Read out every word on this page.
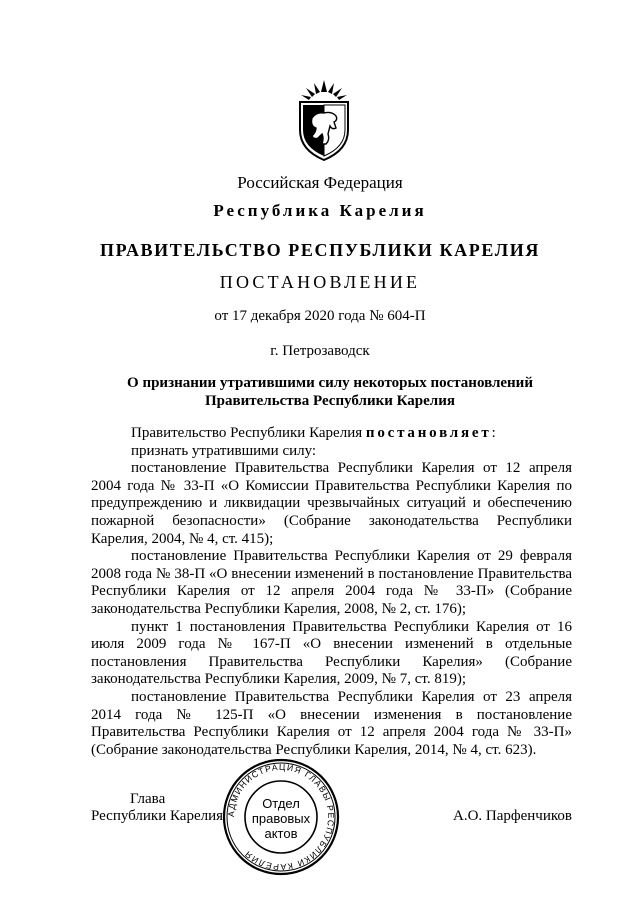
Российская Федерация
Республика Карелия
ПРАВИТЕЛЬСТВО РЕСПУБЛИКИ КАРЕЛИЯ
ПОСТАНОВЛЕНИЕ
от 17 декабря 2020 года № 604-П
г. Петрозаводск
О признании утратившими силу некоторых постановлений
Правительства Республики Карелия

Правительство Республики Карелия постановляет:

признать утратившими силу:

постановление Правительства Республики Карелия от 12 апреля 2004 года № 33-П «О Комиссии Правительства Республики Карелия по предупреждению и ликвидации чрезвычайных ситуаций и обеспечению пожарной безопасности» (Собрание законодательства Республики Карелия, 2004, № 4, ст. 415);

постановление Правительства Республики Карелия от 29 февраля 2008 года № 38-П «О внесении изменений в постановление Правительства Республики Карелия от 12 апреля 2004 года № 33-П» (Собрание законодательства Республики Карелия, 2008, № 2, ст. 176);

пункт 1 постановления Правительства Республики Карелия от 16 июля 2009 года № 167-П «О внесении изменений в отдельные постановления Правительства Республики Карелия» (Собрание законодательства Республики Карелия, 2009, № 7, ст. 819);

постановление Правительства Республики Карелия от 23 апреля 2014 года № 125-П «О внесении изменения в постановление Правительства Республики Карелия от 12 апреля 2004 года № 33-П» (Собрание законодательства Республики Карелия, 2014, № 4, ст. 623).

Глава
Республики Карелия	А.О. Парфенчиков
АДМИНИСТРАЦИЯ ГЛАВЫ РЕСПУБЛИКИ КАРЕЛИЯ
Отдел
правовых
актов
